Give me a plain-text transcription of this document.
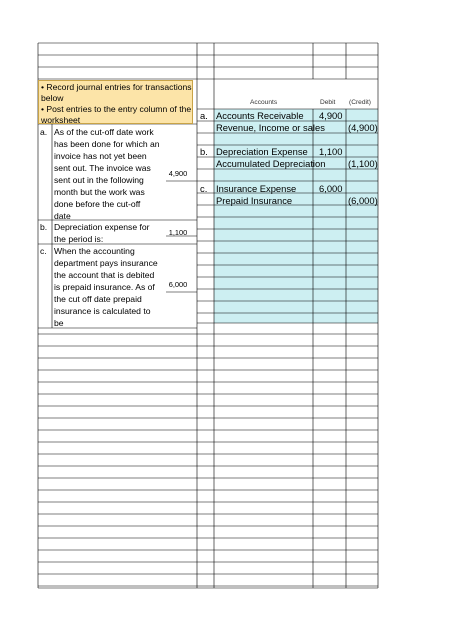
• Record journal entries for transactions
below
• Post entries to the entry column of the
worksheet
a. As of the cut-off date work
has been done for which an
invoice has not yet been
sent out. The invoice was
sent out in the following
month but the work was
done before the cut-off
date
4,900
b. Depreciation expense for
the period is:
1,100
c. When the accounting
department pays insurance
the account that is debited
is prepaid insurance. As of
the cut off date prepaid
insurance is calculated to
be
6,000
Accounts	Debit (Credit)
a. Accounts Receivable 4,900
Revenue, Income or sales (4,900)
b. Depreciation Expense 1,100
Accumulated Depreciation (1,100)
c. Insurance Expense 6,000
Prepaid Insurance	(6,000)
